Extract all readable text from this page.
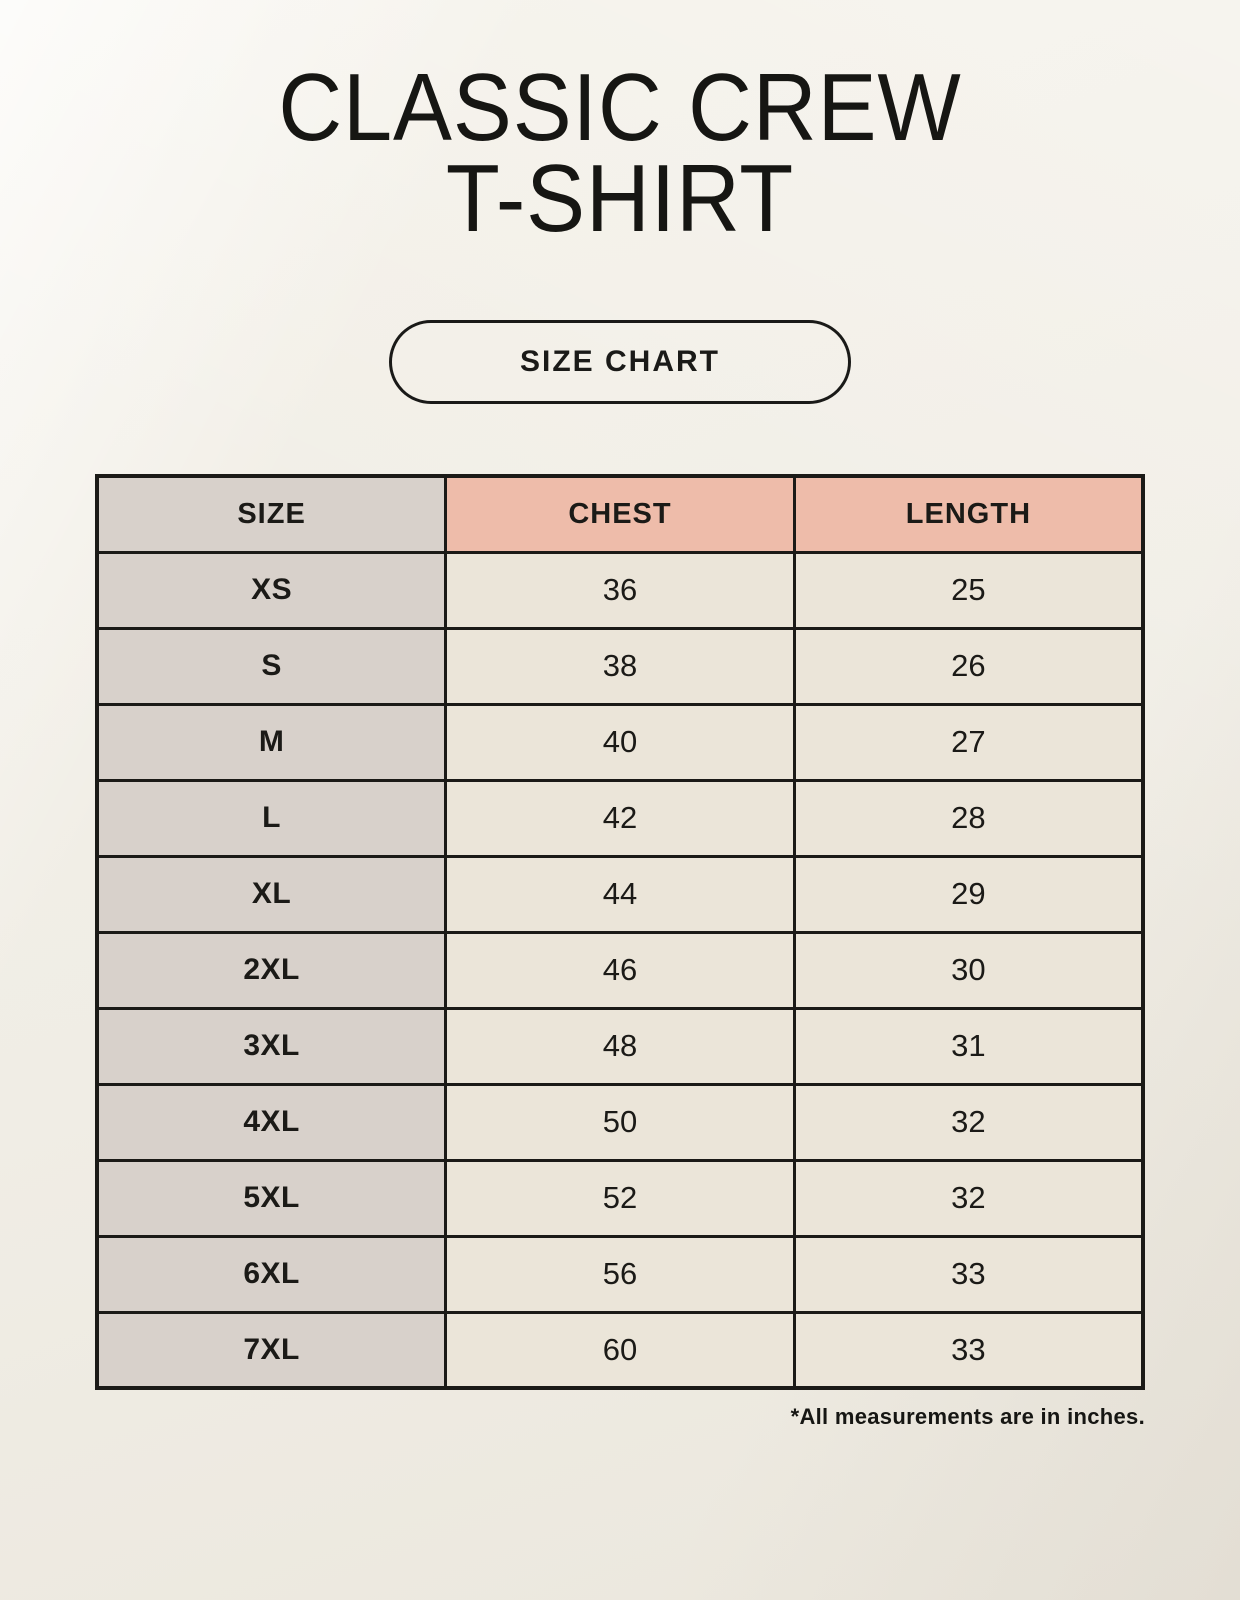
CLASSIC CREW
T-SHIRT
SIZE CHART
SIZE	CHEST	LENGTH
XS	36	25
S	38	26
M	40	27
L	42	28
XL	44	29
2XL	46	30
3XL	48	31
4XL	50	32
5XL	52	32
6XL	56	33
7XL	60	33

*All measurements are in inches.
